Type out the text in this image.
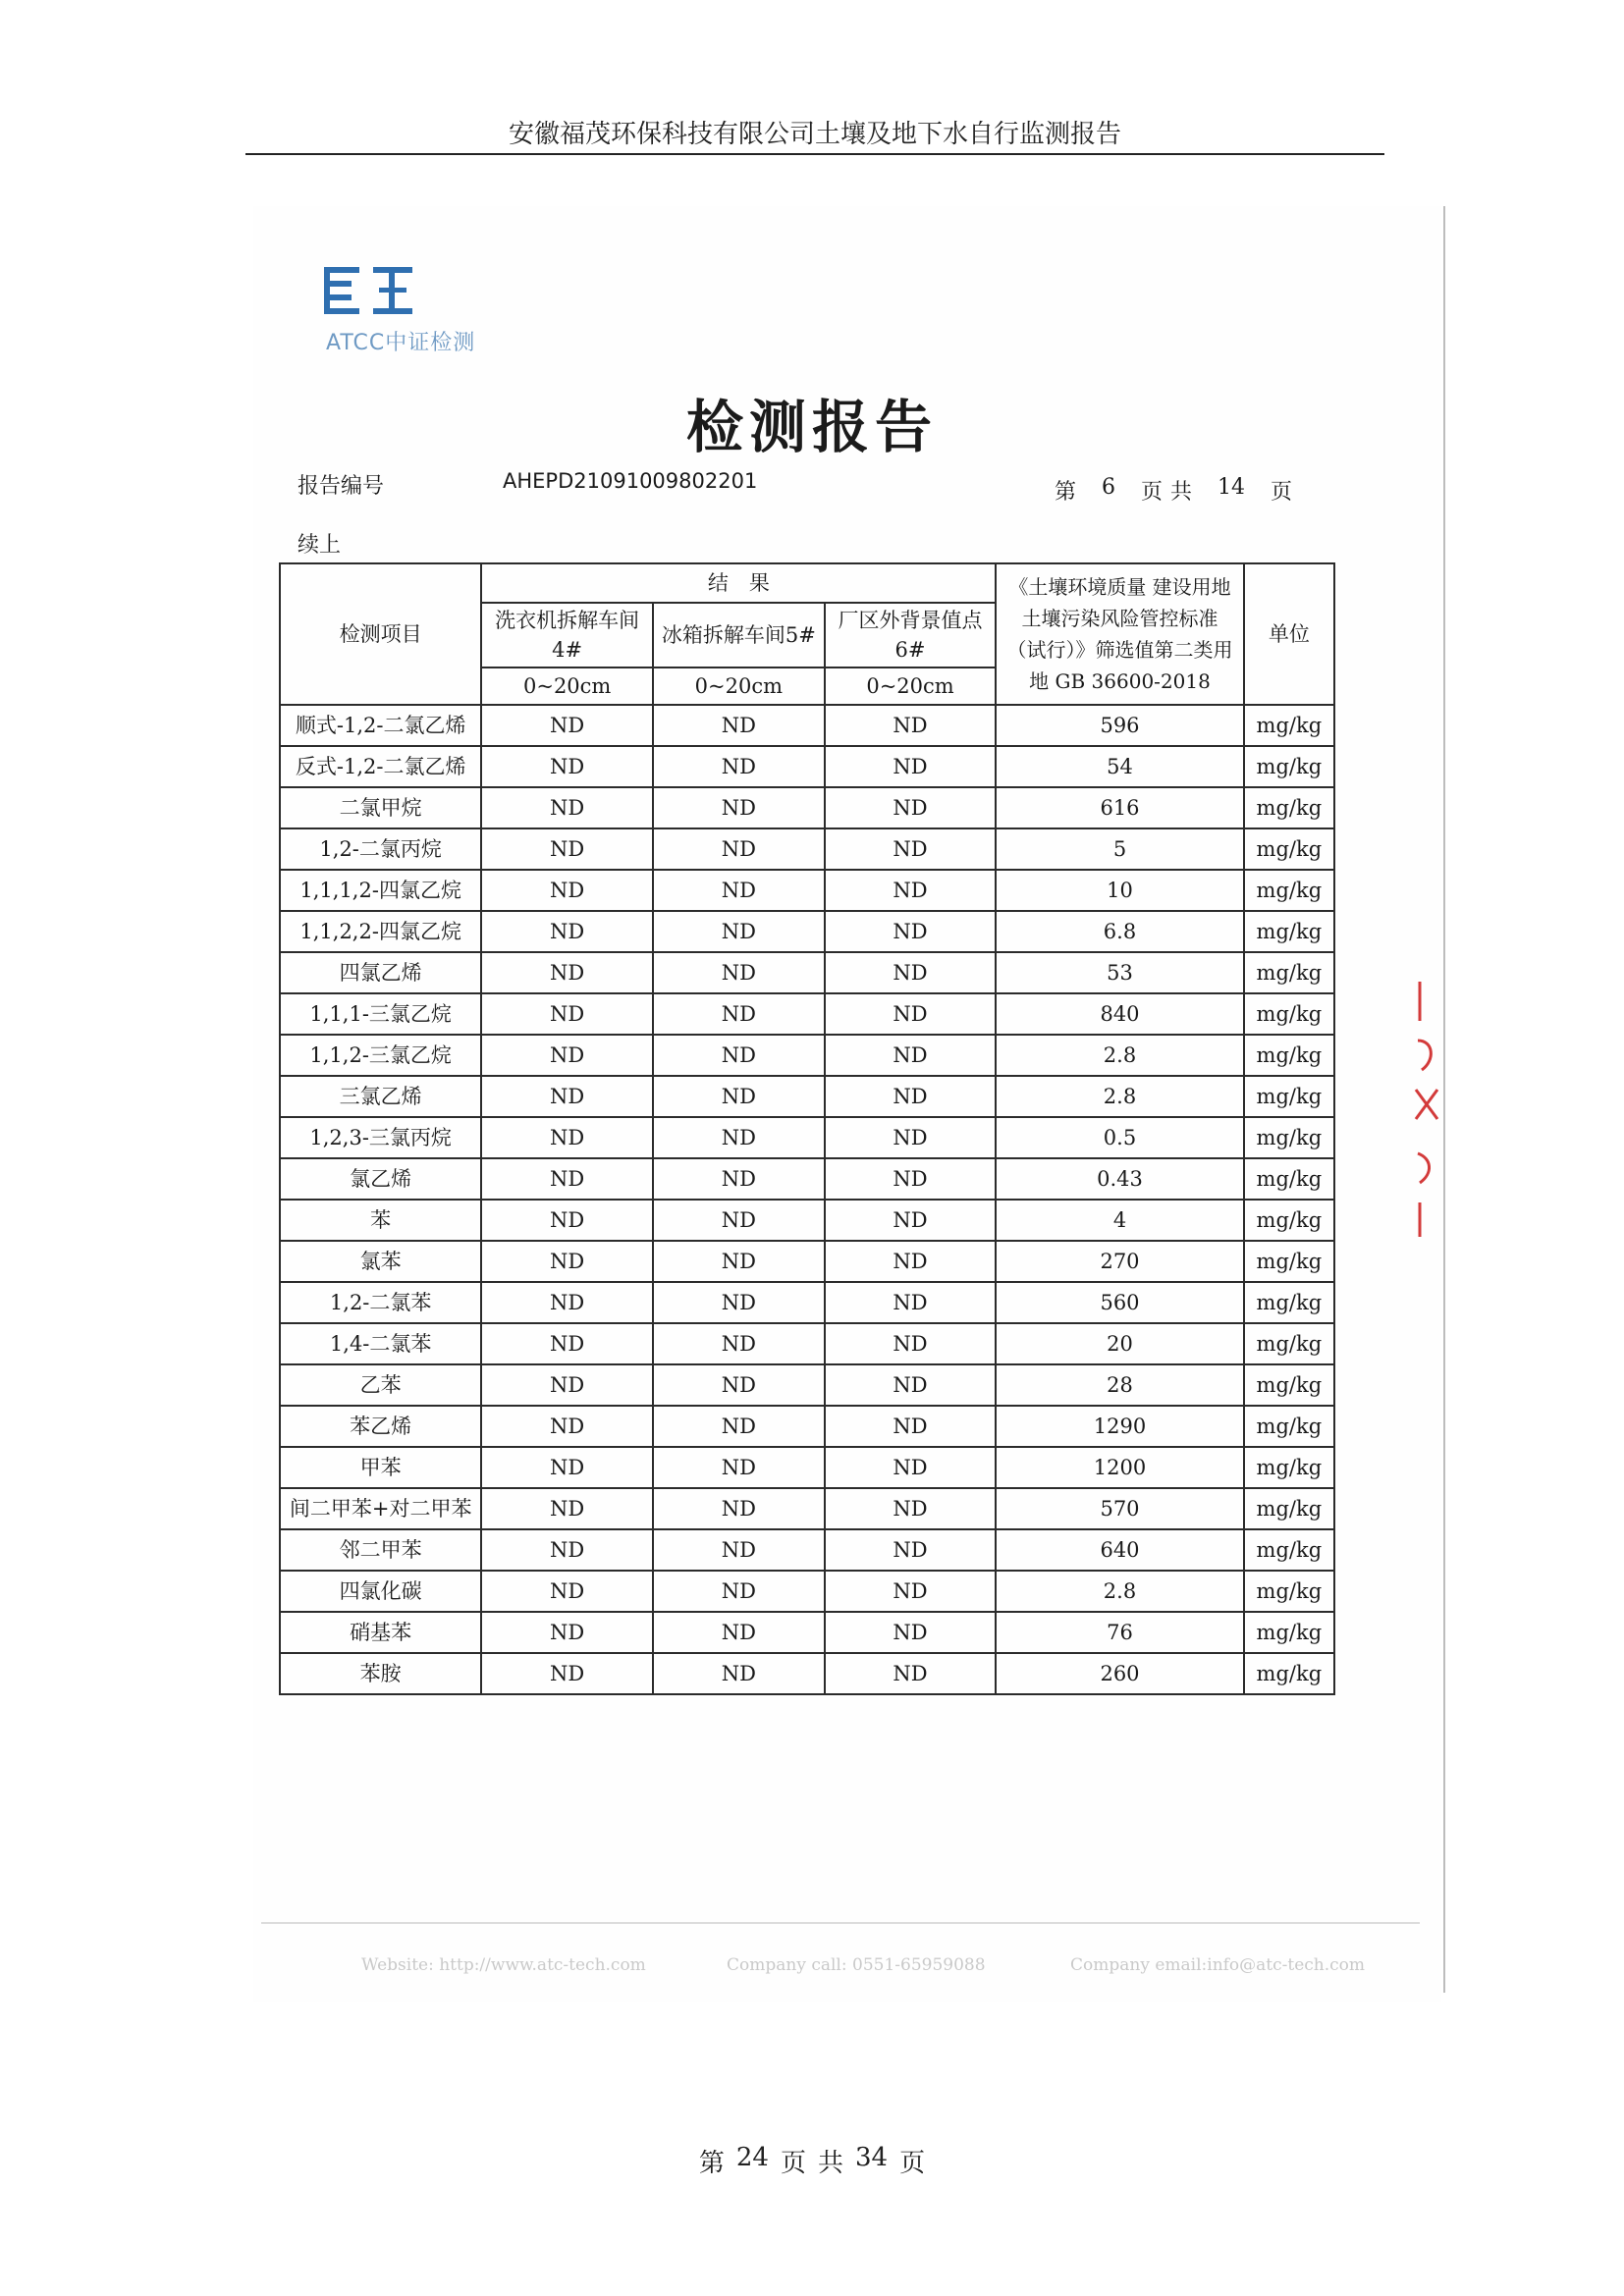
安徽福茂环保科技有限公司土壤及地下水自行监测报告
ATCC中证检测
检测报告
报告编号	AHEPD21091009802201	第 6 页 共 14 页
续上
检测项目	结　果			《土壤环境质量 建设用地土壤污染风险管控标准（试行）》筛选值第二类用地 GB 36600-2018	单位
	洗衣机拆解车间 4#	冰箱拆解车间5#	厂区外背景值点6#		
	0~20cm	0~20cm	0~20cm		
顺式-1,2-二氯乙烯	ND	ND	ND	596	mg/kg
反式-1,2-二氯乙烯	ND	ND	ND	54	mg/kg
二氯甲烷	ND	ND	ND	616	mg/kg
1,2-二氯丙烷	ND	ND	ND	5	mg/kg
1,1,1,2-四氯乙烷	ND	ND	ND	10	mg/kg
1,1,2,2-四氯乙烷	ND	ND	ND	6.8	mg/kg
四氯乙烯	ND	ND	ND	53	mg/kg
1,1,1-三氯乙烷	ND	ND	ND	840	mg/kg
1,1,2-三氯乙烷	ND	ND	ND	2.8	mg/kg
三氯乙烯	ND	ND	ND	2.8	mg/kg
1,2,3-三氯丙烷	ND	ND	ND	0.5	mg/kg
氯乙烯	ND	ND	ND	0.43	mg/kg
苯	ND	ND	ND	4	mg/kg
氯苯	ND	ND	ND	270	mg/kg
1,2-二氯苯	ND	ND	ND	560	mg/kg
1,4-二氯苯	ND	ND	ND	20	mg/kg
乙苯	ND	ND	ND	28	mg/kg
苯乙烯	ND	ND	ND	1290	mg/kg
甲苯	ND	ND	ND	1200	mg/kg
间二甲苯+对二甲苯	ND	ND	ND	570	mg/kg
邻二甲苯	ND	ND	ND	640	mg/kg
四氯化碳	ND	ND	ND	2.8	mg/kg
硝基苯	ND	ND	ND	76	mg/kg
苯胺	ND	ND	ND	260	mg/kg
Website: http://www.atc-tech.com	Company call: 0551-65959088	Company email:info@atc-tech.com
第 24 页 共 34 页
